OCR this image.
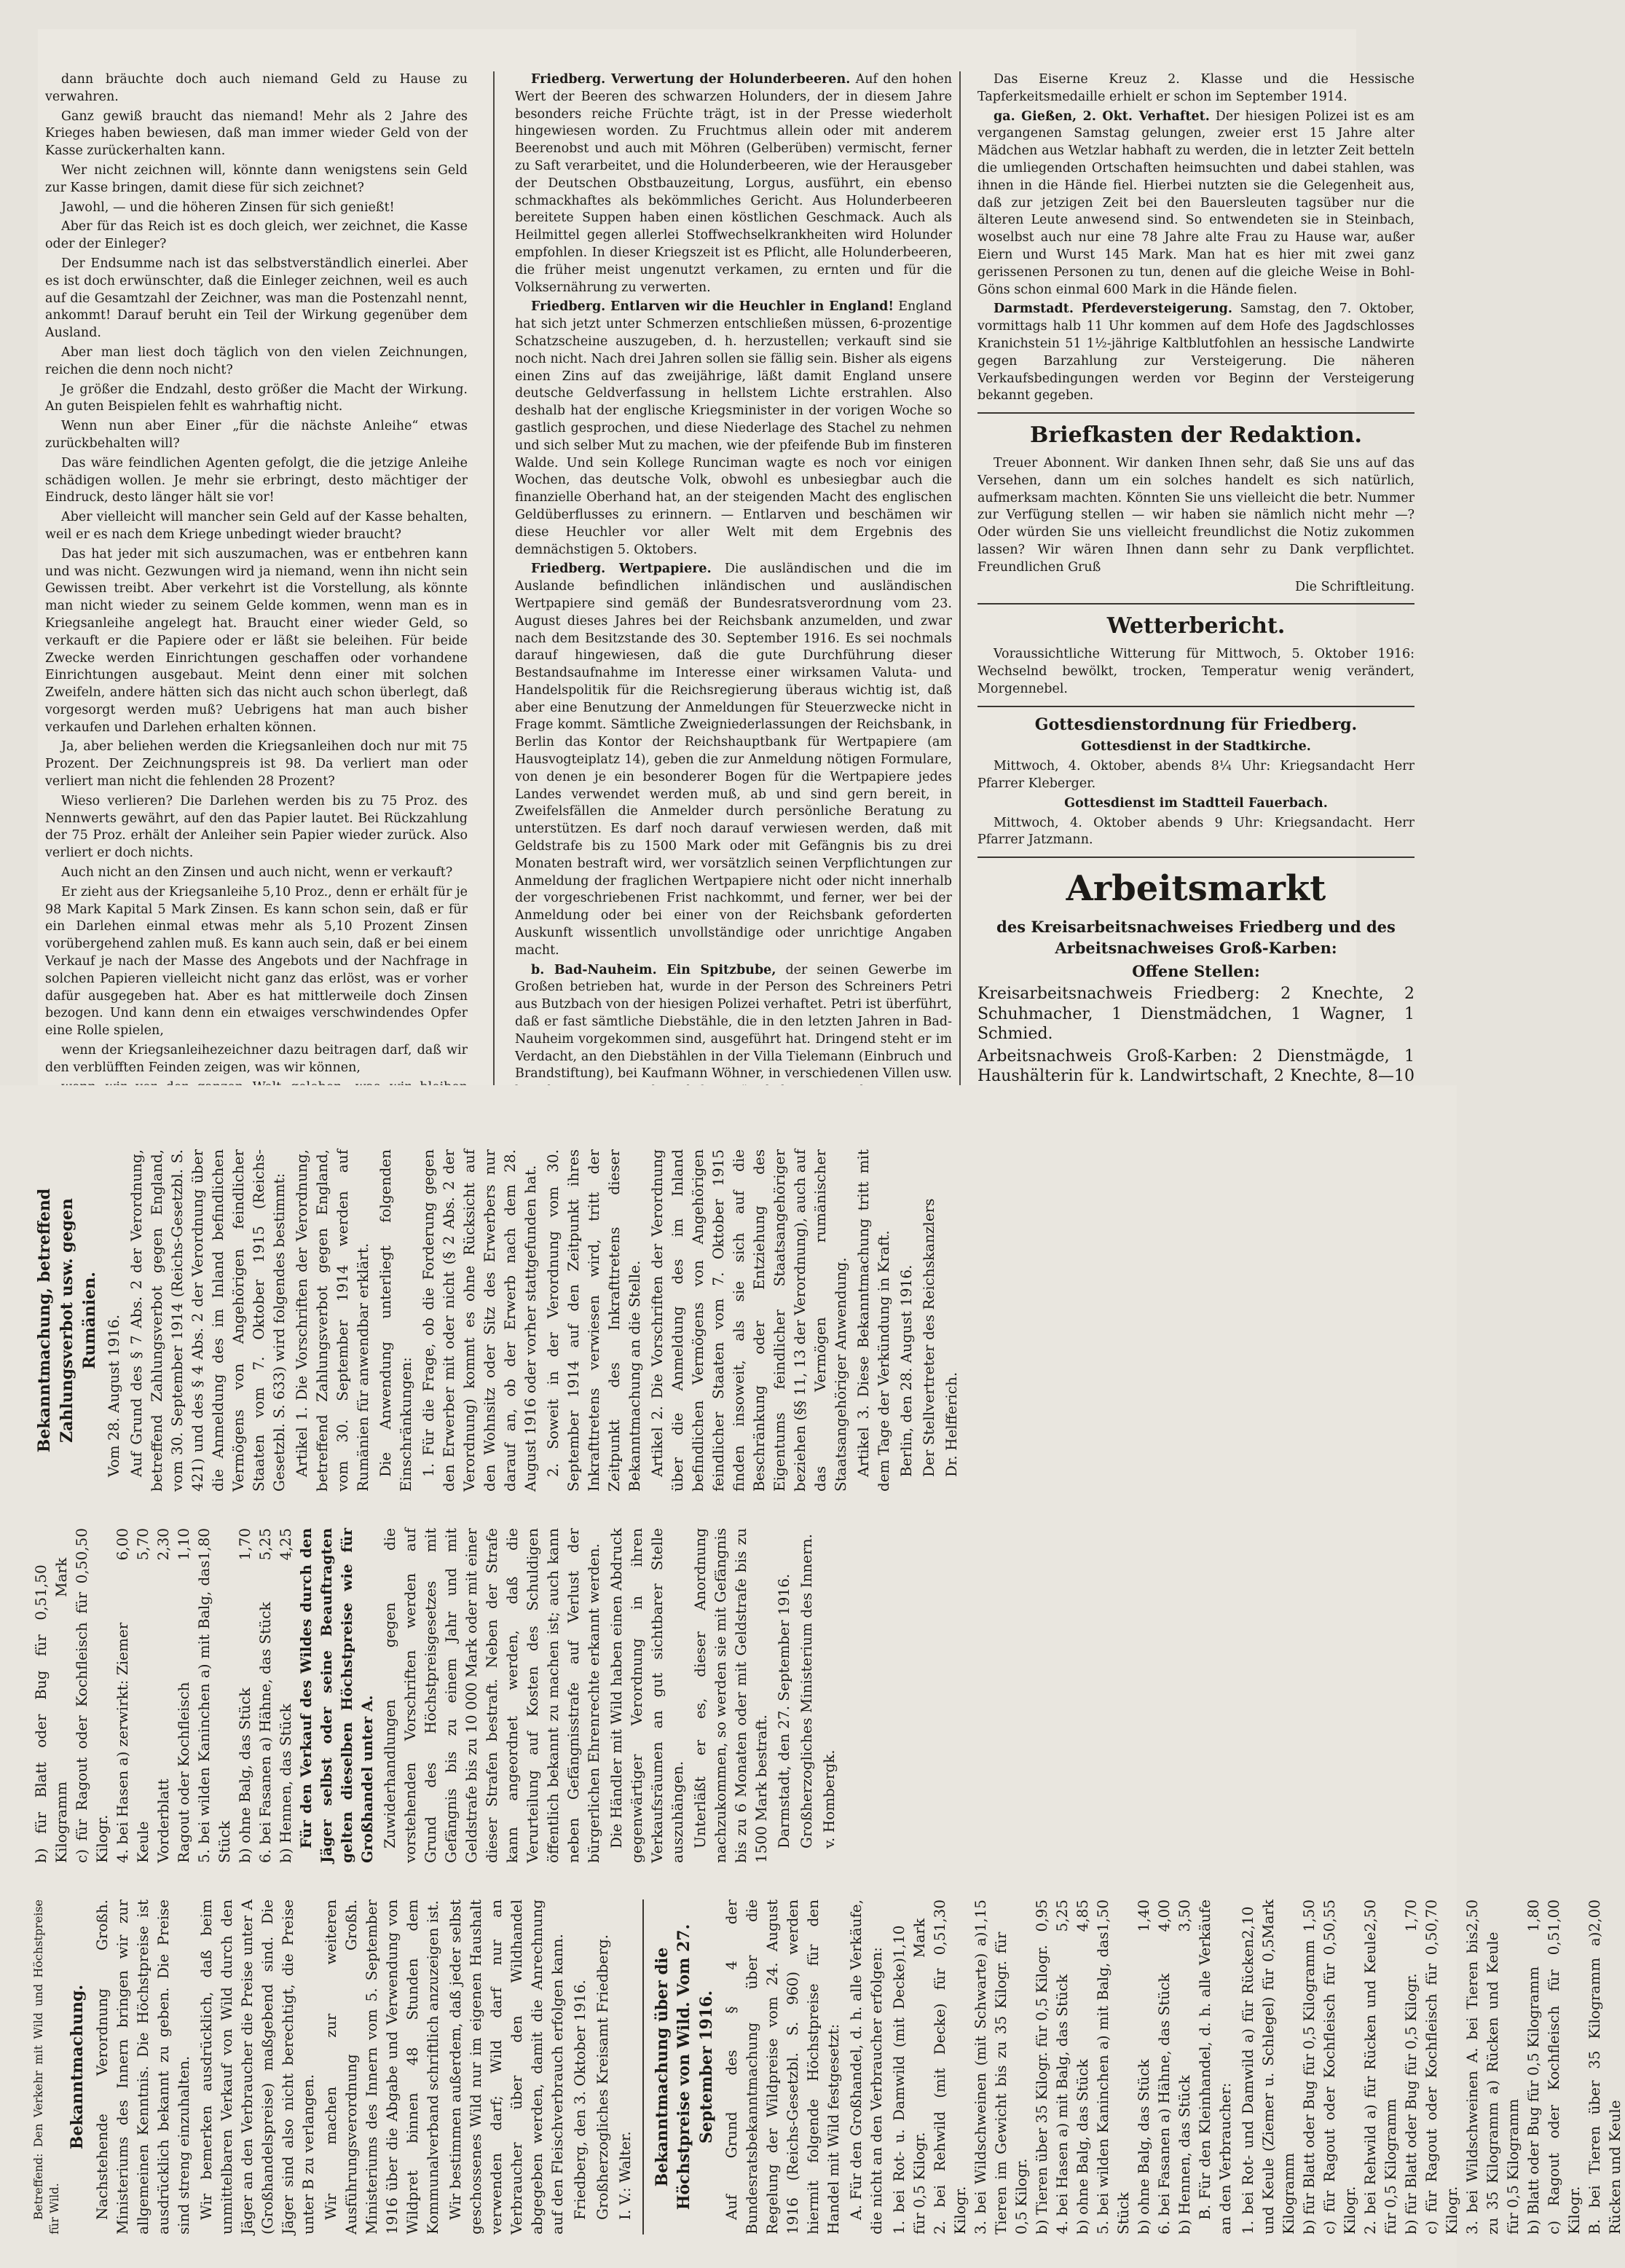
dann bräuchte doch auch niemand Geld zu Hause zu verwahren.

Ganz gewiß braucht das niemand! Mehr als 2 Jahre des Krieges haben bewiesen, daß man immer wieder Geld von der Kasse zurückerhalten kann.

Wer nicht zeichnen will, könnte dann wenigstens sein Geld zur Kasse bringen, damit diese für sich zeichnet?

Jawohl, — und die höheren Zinsen für sich genießt!

Aber für das Reich ist es doch gleich, wer zeichnet, die Kasse oder der Einleger?

Der Endsumme nach ist das selbstverständlich einerlei. Aber es ist doch erwünschter, daß die Einleger zeichnen, weil es auch auf die Gesamtzahl der Zeichner, was man die Postenzahl nennt, ankommt! Darauf beruht ein Teil der Wirkung gegenüber dem Ausland.

Aber man liest doch täglich von den vielen Zeichnungen, reichen die denn noch nicht?

Je größer die Endzahl, desto größer die Macht der Wirkung. An guten Beispielen fehlt es wahrhaftig nicht.

Wenn nun aber Einer „für die nächste Anleihe“ etwas zurückbehalten will?

Das wäre feindlichen Agenten gefolgt, die die jetzige Anleihe schädigen wollen. Je mehr sie erbringt, desto mächtiger der Eindruck, desto länger hält sie vor!

Aber vielleicht will mancher sein Geld auf der Kasse behalten, weil er es nach dem Kriege unbedingt wieder braucht?

Das hat jeder mit sich auszumachen, was er entbehren kann und was nicht. Gezwungen wird ja niemand, wenn ihn nicht sein Gewissen treibt. Aber verkehrt ist die Vorstellung, als könnte man nicht wieder zu seinem Gelde kommen, wenn man es in Kriegsanleihe angelegt hat. Braucht einer wieder Geld, so verkauft er die Papiere oder er läßt sie beleihen. Für beide Zwecke werden Einrichtungen geschaffen oder vorhandene Einrichtungen ausgebaut. Meint denn einer mit solchen Zweifeln, andere hätten sich das nicht auch schon überlegt, daß vorgesorgt werden muß? Uebrigens hat man auch bisher verkaufen und Darlehen erhalten können.

Ja, aber beliehen werden die Kriegsanleihen doch nur mit 75 Prozent. Der Zeichnungspreis ist 98. Da verliert man oder verliert man nicht die fehlenden 28 Prozent?

Wieso verlieren? Die Darlehen werden bis zu 75 Proz. des Nennwerts gewährt, auf den das Papier lautet. Bei Rückzahlung der 75 Proz. erhält der Anleiher sein Papier wieder zurück. Also verliert er doch nichts.

Auch nicht an den Zinsen und auch nicht, wenn er verkauft?

Er zieht aus der Kriegsanleihe 5,10 Proz., denn er erhält für je 98 Mark Kapital 5 Mark Zinsen. Es kann schon sein, daß er für ein Darlehen einmal etwas mehr als 5,10 Prozent Zinsen vorübergehend zahlen muß. Es kann auch sein, daß er bei einem Verkauf je nach der Masse des Angebots und der Nachfrage in solchen Papieren vielleicht nicht ganz das erlöst, was er vorher dafür ausgegeben hat. Aber es hat mittlerweile doch Zinsen bezogen. Und kann denn ein etwaiges verschwindendes Opfer eine Rolle spielen,

wenn der Kriegsanleihezeichner dazu beitragen darf, daß wir den verblüfften Feinden zeigen, was wir können,

Friedberg. Verwertung der Holunderbeeren. Auf den hohen Wert der Beeren des schwarzen Holunders, der in diesem Jahre besonders reiche Früchte trägt, ist in der Presse wiederholt hingewiesen worden. Zu Fruchtmus allein oder mit anderem Beerenobst und auch mit Möhren (Gelberüben) vermischt, ferner zu Saft verarbeitet, und die Holunderbeeren, wie der Herausgeber der Deutschen Obstbauzeitung, Lorgus, ausführt, ein ebenso schmackhaftes als bekömmliches Gericht. Aus Holunderbeeren bereitete Suppen haben einen köstlichen Geschmack. Auch als Heilmittel gegen allerlei Stoffwechselkrankheiten wird Holunder empfohlen. In dieser Kriegszeit ist es Pflicht, alle Holunderbeeren, die früher meist ungenutzt verkamen, zu ernten und für die Volksernährung zu verwerten.

Friedberg. Entlarven wir die Heuchler in England! England hat sich jetzt unter Schmerzen entschließen müssen, 6-prozentige Schatzscheine auszugeben, d. h. herzustellen; verkauft sind sie noch nicht. Nach drei Jahren sollen sie fällig sein. Bisher als eigens einen Zins auf das zweijährige, läßt damit England unsere deutsche Geldverfassung in hellstem Lichte erstrahlen. Also deshalb hat der englische Kriegsminister in der vorigen Woche so gastlich gesprochen, und diese Niederlage des Stachel zu nehmen und sich selber Mut zu machen, wie der pfeifende Bub im finsteren Walde. Und sein Kollege Runciman wagte es noch vor einigen Wochen, das deutsche Volk, obwohl es unbesiegbar auch die finanzielle Oberhand hat, an der steigenden Macht des englischen Geldüberflusses zu erinnern. — Entlarven und beschämen wir diese Heuchler vor aller Welt mit dem Ergebnis des demnächstigen 5. Oktobers.

Friedberg. Wertpapiere. Die ausländischen und die im Auslande befindlichen inländischen und ausländischen Wertpapiere sind gemäß der Bundesratsverordnung vom 23. August dieses Jahres bei der Reichsbank anzumelden, und zwar nach dem Besitzstande des 30. September 1916. Es sei nochmals darauf hingewiesen, daß die gute Durchführung dieser Bestandsaufnahme im Interesse einer wirksamen Valuta- und Handelspolitik für die Reichsregierung überaus wichtig ist, daß aber eine Benutzung der Anmeldungen für Steuerzwecke nicht in Frage kommt. Sämtliche Zweigniederlassungen der Reichsbank, in Berlin das Kontor der Reichshauptbank für Wertpapiere (am Hausvogteiplatz 14), geben die zur Anmeldung nötigen Formulare, von denen je ein besonderer Bogen für die Wertpapiere jedes Landes verwendet werden muß, ab und sind gern bereit, in Zweifelsfällen die Anmelder durch persönliche Beratung zu unterstützen. Es darf noch darauf verwiesen werden, daß mit Geldstrafe bis zu 1500 Mark oder mit Gefängnis bis zu drei Monaten bestraft wird, wer vorsätzlich seinen Verpflichtungen zur Anmeldung der fraglichen Wertpapiere nicht oder nicht innerhalb der vorgeschriebenen Frist nachkommt, und ferner, wer bei der Anmeldung oder bei einer von der Reichsbank geforderten Auskunft wissentlich unvollständige oder unrichtige Angaben macht.

b. Bad-Nauheim. Ein Spitzbube, der seinen Gewerbe im Großen betrieben hat, wurde in der Person des Schreiners Petri aus Butzbach von der hiesigen Polizei verhaftet. Petri ist überführt, daß er fast sämtliche Diebstähle, die in den letzten Jahren in Bad-Nauheim vorgekommen sind, ausgeführt hat. Dringend steht er im Verdacht, an den Diebstählen in der Villa Tielemann (Einbruch und Brandstiftung), bei Kaufmann Wöhner, in verschiedenen Villen usw.

Das Eiserne Kreuz 2. Klasse und die Hessische Tapferkeitsmedaille erhielt er schon im September 1914.

ga. Gießen, 2. Okt. Verhaftet. Der hiesigen Polizei ist es am vergangenen Samstag gelungen, zweier erst 15 Jahre alter Mädchen aus Wetzlar habhaft zu werden, die in letzter Zeit betteln die umliegenden Ortschaften heimsuchten und dabei stahlen, was ihnen in die Hände fiel. Hierbei nutzten sie die Gelegenheit aus, daß zur jetzigen Zeit bei den Bauersleuten tagsüber nur die älteren Leute anwesend sind. So entwendeten sie in Steinbach, woselbst auch nur eine 78 Jahre alte Frau zu Hause war, außer Eiern und Wurst 145 Mark. Man hat es hier mit zwei ganz gerissenen Personen zu tun, denen auf die gleiche Weise in Bohl-Göns schon einmal 600 Mark in die Hände fielen.

Darmstadt. Pferdeversteigerung. Samstag, den 7. Oktober, vormittags halb 11 Uhr kommen auf dem Hofe des Jagdschlosses Kranichstein 51 1½-jährige Kaltblutfohlen an hessische Landwirte gegen Barzahlung zur Versteigerung. Die näheren Verkaufsbedingungen werden vor Beginn der Versteigerung bekannt gegeben.

Briefkasten der Redaktion.

Treuer Abonnent. Wir danken Ihnen sehr, daß Sie uns auf das Versehen, dann um ein solches handelt es sich natürlich, aufmerksam machten. Könnten Sie uns vielleicht die betr. Nummer zur Verfügung stellen — wir haben sie nämlich nicht mehr —? Oder würden Sie uns vielleicht freundlichst die Notiz zukommen lassen? Wir wären Ihnen dann sehr zu Dank verpflichtet. Freundlichen Gruß

Die Schriftleitung.

Wetterbericht.

Voraussichtliche Witterung für Mittwoch, 5. Oktober 1916: Wechselnd bewölkt, trocken, Temperatur wenig verändert, Morgennebel.

Gottesdienstordnung für Friedberg.

Gottesdienst in der Stadtkirche.

Mittwoch, 4. Oktober, abends 8¼ Uhr: Kriegsandacht Herr Pfarrer Kleberger.

Gottesdienst im Stadtteil Fauerbach.

Mittwoch, 4. Oktober abends 9 Uhr: Kriegsandacht. Herr Pfarrer Jatzmann.

Arbeitsmarkt
des Kreisarbeitsnachweises Friedberg und des Arbeitsnachweises Groß-Karben:
Offene Stellen:

Kreisarbeitsnachweis Friedberg: 2 Knechte, 2 Schuhmacher, 1 Dienstmädchen, 1 Wagner, 1 Schmied.

Arbeitsnachweis Groß-Karben: 2 Dienstmägde, 1 Haushälterin für k. Landwirtschaft, 2 Knechte, 8—10

Betreffend: Den Verkehr mit Wild und Höchstpreise für Wild.

Bekanntmachung. Nachstehende Verordnung Großh. Ministeriums des Innern bringen wir zur allgemeinen Kenntnis. Die Höchstpreise ist ausdrücklich bekannt zu geben. Die Preise sind streng einzuhalten. Wir bemerken ausdrücklich, daß beim unmittelbaren Verkauf von Wild durch den Jäger an den Verbraucher die Preise unter A (Großhandelspreise) maßgebend sind. Die Jäger sind also nicht berechtigt, die Preise unter B zu verlangen. Wir machen zur weiteren Ausführungsverordnung Großh. Ministeriums des Innern vom 5. September 1916 über die Abgabe und Verwendung von Wildpret binnen 48 Stunden dem Kommunalverband schriftlich anzuzeigen ist. Wir bestimmen außerdem, daß jeder selbst geschossenes Wild nur im eigenen Haushalt verwenden darf; Wild darf nur an Verbraucher über den Wildhandel abgegeben werden, damit die Anrechnung auf den Fleischverbrauch erfolgen kann. Friedberg, den 3. Oktober 1916. Großherzogliches Kreisamt Friedberg. I. V.: Walter. Bekanntmachung über die Höchstpreise von Wild. Vom 27. September 1916. Auf Grund des § 4 der Bundesratsbekanntmachung über die Regelung der Wildpreise vom 24. August 1916 (Reichs-Gesetzbl. S. 960) werden hiermit folgende Höchstpreise für den Handel mit Wild festgesetzt: A. Für den Großhandel, d. h. alle Verkäufe, die nicht an den Verbraucher erfolgen: 1. bei Rot- u. Damwild (mit Decke) für 0,5 Kilogr.
1,10 Mark 2. bei Rehwild (mit Decke) für 0,5 Kilogr.
1,30
3. bei Wildschweinen (mit Schwarte) a) Tieren im Gewicht bis zu 35 Kilogr. für 0,5 Kilogr.
1,15
b) Tieren über 35 Kilogr. für 0,5 Kilogr.
0,95
4. bei Hasen a) mit Balg, das Stück
5,25
b) ohne Balg, das Stück
4,85
5. bei wilden Kaninchen a) mit Balg, das Stück
1,50
b) ohne Balg, das Stück
1,40
6. bei Fasanen a) Hähne, das Stück
4,00
b) Hennen, das Stück
3,50 B. Für den Kleinhandel, d. h. alle Verkäufe an den Verbraucher: 1. bei Rot- und Damwild a) für Rücken und Keule (Ziemer u. Schlegel) für 0,5 Kilogramm
2,10 Mark
b) für Blatt oder Bug für 0,5 Kilogramm
1,50
c) für Ragout oder Kochfleisch für 0,5 Kilogr.
0,55
2. bei Rehwild a) für Rücken und Keule für 0,5 Kilogramm
2,50
b) für Blatt oder Bug für 0,5 Kilogr.
1,70
c) für Ragout oder Kochfleisch für 0,5 Kilogr.
0,70
3. bei Wildschweinen A. bei Tieren bis zu 35 Kilogramm a) Rücken und Keule für 0,5 Kilogramm
2,50
b) Blatt oder Bug für 0,5 Kilogramm
1,80
c) Ragout oder Kochfleisch für 0,5 Kilogr.
1,00
B. bei Tieren über 35 Kilogramm a) Rücken und Keule
2,00
b) für Blatt oder Bug für 0,5 Kilogramm
1,50 Mark c) für Ragout oder Kochfleisch für 0,5 Kilogr.
0,50
4. bei Hasen a) zerwirkt: Ziemer
6,00
Keule
5,70
Vorderblatt
2,30
Ragout oder Kochfleisch
1,10
5. bei wilden Kaninchen a) mit Balg, das Stück
1,80
b) ohne Balg, das Stück
1,70
6. bei Fasanen a) Hähne, das Stück
5,25
b) Hennen, das Stück
4,25 Für den Verkauf des Wildes durch den Jäger selbst oder seine Beauftragten gelten dieselben Höchstpreise wie für Großhandel unter A. Zuwiderhandlungen gegen die vorstehenden Vorschriften werden auf Grund des Höchstpreisgesetzes mit Gefängnis bis zu einem Jahr und mit Geldstrafe bis zu 10 000 Mark oder mit einer dieser Strafen bestraft. Neben der Strafe kann angeordnet werden, daß die Verurteilung auf Kosten des Schuldigen öffentlich bekannt zu machen ist; auch kann neben Gefängnisstrafe auf Verlust der bürgerlichen Ehrenrechte erkannt werden. Die Händler mit Wild haben einen Abdruck gegenwärtiger Verordnung in ihren Verkaufsräumen an gut sichtbarer Stelle auszuhängen. Unterläßt er es, dieser Anordnung nachzukommen, so werden sie mit Gefängnis bis zu 6 Monaten oder mit Geldstrafe bis zu 1500 Mark bestraft. Darmstadt, den 27. September 1916. Großherzogliches Ministerium des Innern. v. Hombergk.

Bekanntmachung, betreffend Zahlungsverbot usw. gegen Rumänien. Vom 28. August 1916. Auf Grund des § 7 Abs. 2 der Verordnung, betreffend Zahlungsverbot gegen England, vom 30. September 1914 (Reichs-Gesetzbl. S. 421) und des § 4 Abs. 2 der Verordnung über die Anmeldung des im Inland befindlichen Vermögens von Angehörigen feindlicher Staaten vom 7. Oktober 1915 (Reichs-Gesetzbl. S. 633) wird folgendes bestimmt: Artikel 1. Die Vorschriften der Verordnung, betreffend Zahlungsverbot gegen England, vom 30. September 1914 werden auf Rumänien für anwendbar erklärt. Die Anwendung unterliegt folgenden Einschränkungen: 1. Für die Frage, ob die Forderung gegen den Erwerber mit oder nicht (§ 2 Abs. 2 der Verordnung) kommt es ohne Rücksicht auf den Wohnsitz oder Sitz des Erwerbers nur darauf an, ob der Erwerb nach dem 28. August 1916 oder vorher stattgefunden hat. 2. Soweit in der Verordnung vom 30. September 1914 auf den Zeitpunkt ihres Inkrafttretens verwiesen wird, tritt der Zeitpunkt des Inkrafttretens dieser Bekanntmachung an die Stelle. Artikel 2. Die Vorschriften der Verordnung über die Anmeldung des im Inland befindlichen Vermögens von Angehörigen feindlicher Staaten vom 7. Oktober 1915 finden insoweit, als sie sich auf die Beschränkung oder Entziehung des Eigentums feindlicher Staatsangehöriger beziehen (§§ 11, 13 der Verordnung), auch auf das Vermögen rumänischer Staatsangehöriger Anwendung. Artikel 3. Diese Bekanntmachung tritt mit dem Tage der Verkündung in Kraft. Berlin, den 28. August 1916. Der Stellvertreter des Reichskanzlers Dr. Helfferich.
